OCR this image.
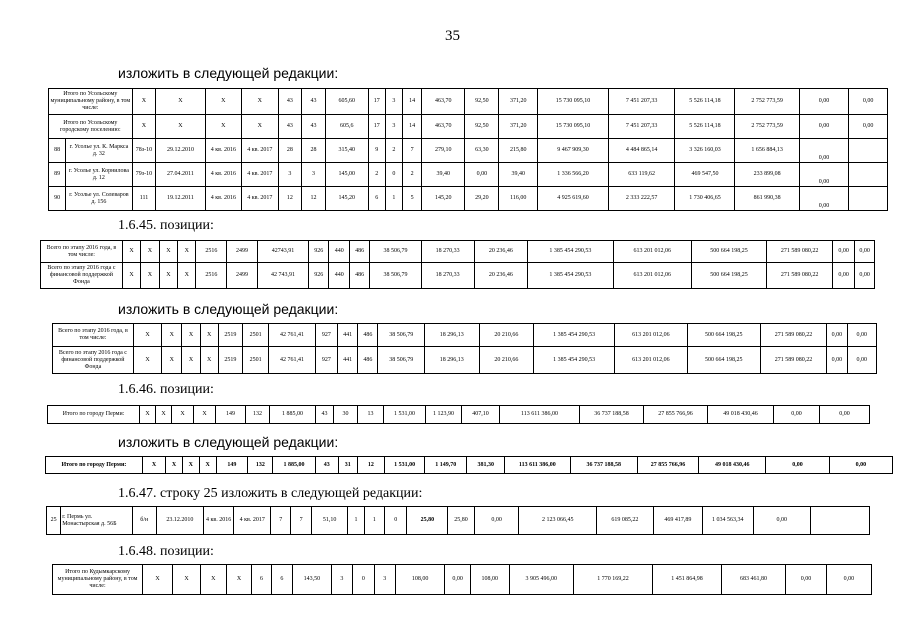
35
изложить в следующей редакции:
Итого по Усольскому муниципальному району, в том числе:		X	X	X	X	43	43	605,60	17	3	14	463,70	92,50	371,20	15 730 095,10	7 451 207,33	5 526 114,18	2 752 773,59	0,00	0,00
Итого по Усольскому городскому поселению:		X	X	X	X	43	43	605,6	17	3	14	463,70	92,50	371,20	15 730 095,10	7 451 207,33	5 526 114,18	2 752 773,59	0,00	0,00
88	г. Усолье ул. К. Маркса д. 32	78з-10	29.12.2010	4 кв. 2016	4 кв. 2017	28	28	315,40	9	2	7	279,10	63,30	215,80	9 467 909,30	4 484 865,14	3 326 160,03	1 656 884,13	0,00	
89	г. Усолье ул. Корнилова д. 12	79з-10	27.04.2011	4 кв. 2016	4 кв. 2017	3	3	145,00	2	0	2	39,40	0,00	39,40	1 336 566,20	633 119,62	469 547,50	233 899,08	0,00	
90	г. Усолье ул. Солеваров д. 156	111	19.12.2011	4 кв. 2016	4 кв. 2017	12	12	145,20	6	1	5	145,20	29,20	116,00	4 925 619,60	2 333 222,57	1 730 406,65	861 990,38	0,00	
1.6.45. позиции:
Всего по этапу 2016 года, в том числе:	X	X	X	X	2516	2499	42743,91	926	440	486	38 506,79	18 270,33	20 236,46	1 385 454 290,53	613 201 012,06	500 664 198,25	271 589 080,22	0,00	0,00
Всего по этапу 2016 года с финансовой поддержкой Фонда	X	X	X	X	2516	2499	42 743,91	926	440	486	38 506,79	18 270,33	20 236,46	1 385 454 290,53	613 201 012,06	500 664 198,25	271 589 080,22	0,00	0,00
изложить в следующей редакции:
Всего по этапу 2016 года, в том числе:	X	X	X	X	2519	2501	42 761,41	927	441	486	38 506,79	18 296,13	20 210,66	1 385 454 290,53	613 201 012,06	500 664 198,25	271 589 080,22	0,00	0,00
Всего по этапу 2016 года с финансовой поддержкой Фонда	X	X	X	X	2519	2501	42 761,41	927	441	486	38 506,79	18 296,13	20 210,66	1 385 454 290,53	613 201 012,06	500 664 198,25	271 589 080,22	0,00	0,00
1.6.46. позиции:
Итого по городу Перми:	X	X	X	X	149	132	1 885,00	43	30	13	1 531,00	1 123,90	407,10	113 611 386,00	36 737 188,58	27 855 766,96	49 018 430,46	0,00	0,00
изложить в следующей редакции:
Итого по городу Перми:	X	X	X	X	149	132	1 885,00	43	31	12	1 531,00	1 149,70	381,30	113 611 386,00	36 737 188,58	27 855 766,96	49 018 430,46	0,00	0,00
1.6.47. строку 25 изложить в следующей редакции:
25	г. Пермь ул. Монастырская д. 56Б	б/н	23.12.2010	4 кв. 2016	4 кв. 2017	7	7	51,10	1	1	0	25,80	25,80	0,00	2 123 066,45	619 085,22	469 417,89	1 034 563,34	0,00	
1.6.48. позиции:
Итого по Кудымкарскому муниципальному району, в том числе:	X	X	X	X	6	6	143,50	3	0	3	108,00	0,00	108,00	3 905 496,00	1 770 169,22	1 451 864,98	683 461,80	0,00	0,00
